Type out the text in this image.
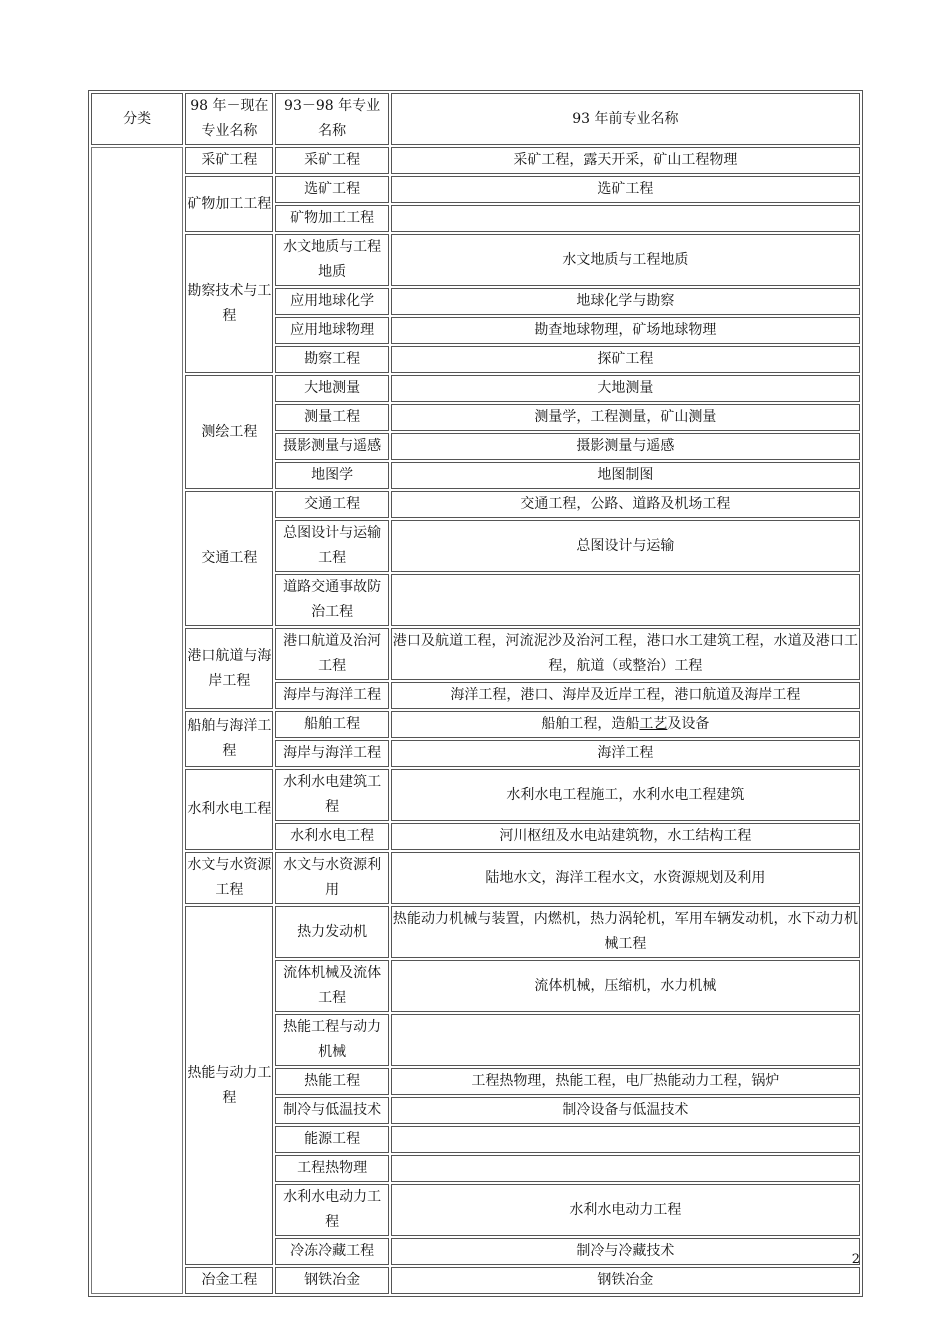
分类	98 年－现在专业名称	93－98 年专业名称	93 年前专业名称
	采矿工程	采矿工程	采矿工程，露天开采，矿山工程物理
	矿物加工工程	选矿工程	选矿工程
		矿物加工工程	
	勘察技术与工程	水文地质与工程地质	水文地质与工程地质
		应用地球化学	地球化学与勘察
		应用地球物理	勘查地球物理，矿场地球物理
		勘察工程	探矿工程
	测绘工程	大地测量	大地测量
		测量工程	测量学，工程测量，矿山测量
		摄影测量与遥感	摄影测量与遥感
		地图学	地图制图
	交通工程	交通工程	交通工程，公路、道路及机场工程
		总图设计与运输工程	总图设计与运输
		道路交通事故防治工程	
	港口航道与海岸工程	港口航道及治河工程	港口及航道工程，河流泥沙及治河工程，港口水工建筑工程，水道及港口工程，航道（或整治）工程
		海岸与海洋工程	海洋工程，港口、海岸及近岸工程，港口航道及海岸工程
	船舶与海洋工程	船舶工程	船舶工程，造船工艺及设备
		海岸与海洋工程	海洋工程
	水利水电工程	水利水电建筑工程	水利水电工程施工，水利水电工程建筑
		水利水电工程	河川枢纽及水电站建筑物，水工结构工程
	水文与水资源工程	水文与水资源利用	陆地水文，海洋工程水文，水资源规划及利用
	热能与动力工程	热力发动机	热能动力机械与装置，内燃机，热力涡轮机，军用车辆发动机，水下动力机械工程
		流体机械及流体工程	流体机械，压缩机，水力机械
		热能工程与动力机械	
		热能工程	工程热物理，热能工程，电厂热能动力工程，锅炉
		制冷与低温技术	制冷设备与低温技术
		能源工程	
		工程热物理	
		水利水电动力工程	水利水电动力工程
		冷冻冷藏工程	制冷与冷藏技术
	冶金工程	钢铁冶金	钢铁冶金
2
